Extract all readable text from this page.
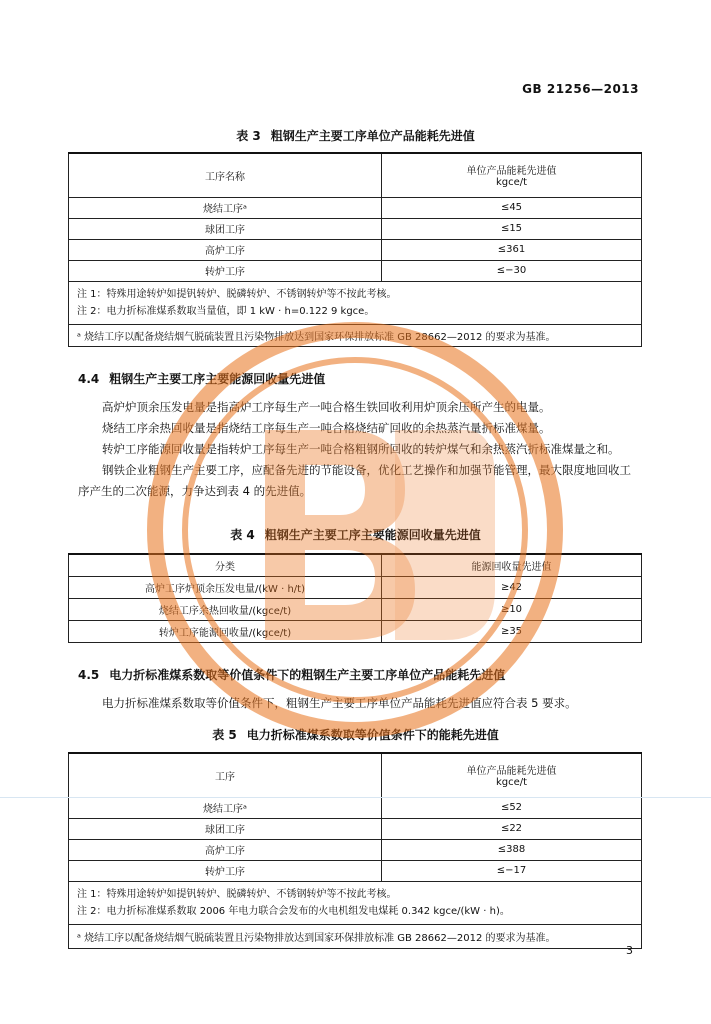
GB 21256—2013
表 3 粗钢生产主要工序单位产品能耗先进值
工序名称	单位产品能耗先进值
kgce/t

烧结工序ᵃ	≤45
球团工序	≤15
高炉工序	≤361
转炉工序	≤−30

注 1：特殊用途转炉如提钒转炉、脱磷转炉、不锈钢转炉等不按此考核。
注 2：电力折标准煤系数取当量值，即 1 kW · h=0.122 9 kgce。	

ᵃ 烧结工序以配备烧结烟气脱硫装置且污染物排放达到国家环保排放标准 GB 28662—2012 的要求为基准。	
4.4 粗钢生产主要工序主要能源回收量先进值

高炉炉顶余压发电量是指高炉工序每生产一吨合格生铁回收利用炉顶余压所产生的电量。

烧结工序余热回收量是指烧结工序每生产一吨合格烧结矿回收的余热蒸汽量折标准煤量。

转炉工序能源回收量是指转炉工序每生产一吨合格粗钢所回收的转炉煤气和余热蒸汽折标准煤量之和。

钢铁企业粗钢生产主要工序，应配备先进的节能设备，优化工艺操作和加强节能管理，最大限度地回收工序产生的二次能源，力争达到表 4 的先进值。

表 4 粗钢生产主要工序主要能源回收量先进值
分类	能源回收量先进值
高炉工序炉顶余压发电量/(kW · h/t)	≥42
烧结工序余热回收量/(kgce/t)	≥10
转炉工序能源回收量/(kgce/t)	≥35
4.5 电力折标准煤系数取等价值条件下的粗钢生产主要工序单位产品能耗先进值

电力折标准煤系数取等价值条件下，粗钢生产主要工序单位产品能耗先进值应符合表 5 要求。

表 5 电力折标准煤系数取等价值条件下的能耗先进值
工序	单位产品能耗先进值
kgce/t

烧结工序ᵃ	≤52
球团工序	≤22
高炉工序	≤388
转炉工序	≤−17

注 1：特殊用途转炉如提钒转炉、脱磷转炉、不锈钢转炉等不按此考核。
注 2：电力折标准煤系数取 2006 年电力联合会发布的火电机组发电煤耗 0.342 kgce/(kW · h)。	

ᵃ 烧结工序以配备烧结烟气脱硫装置且污染物排放达到国家环保排放标准 GB 28662—2012 的要求为基准。	
3
